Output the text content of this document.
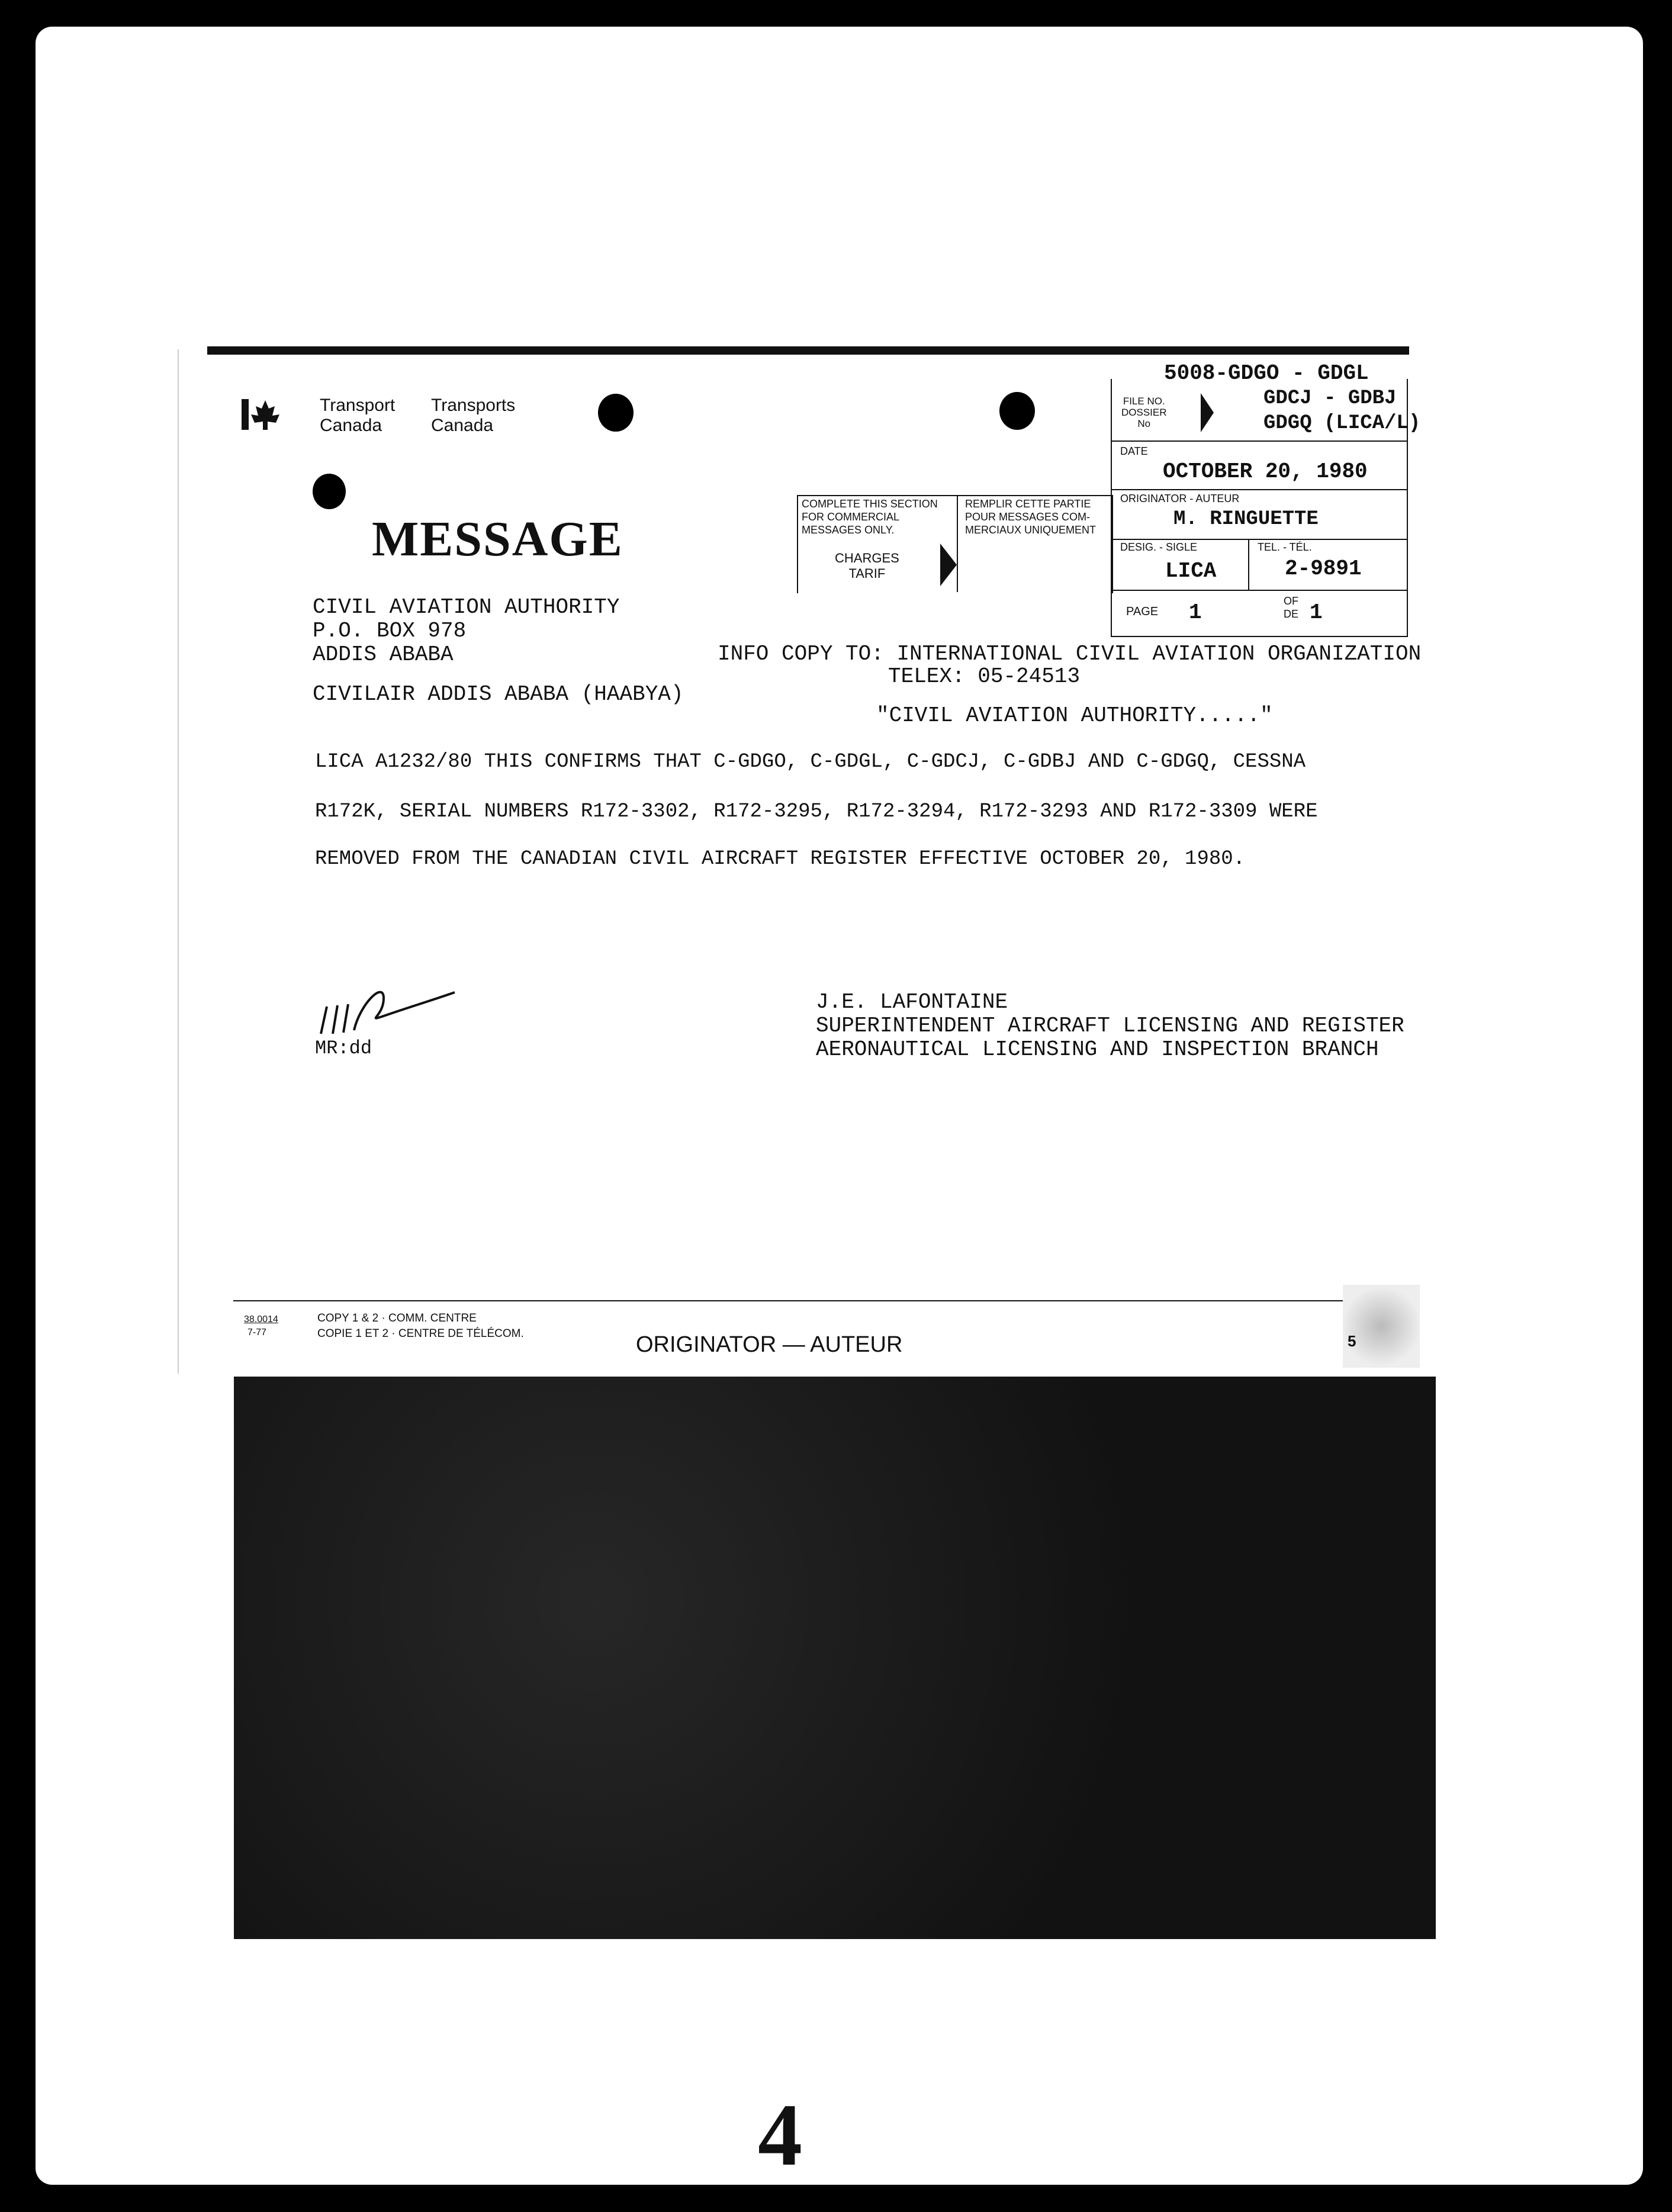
Transport
Canada
Transports
Canada
MESSAGE
COMPLETE THIS SECTION
FOR COMMERCIAL
MESSAGES ONLY.
REMPLIR CETTE PARTIE
POUR MESSAGES COM-
MERCIAUX UNIQUEMENT
CHARGES
TARIF
5008-GDGO - GDGL
FILE NO.
DOSSIER
No
GDCJ - GDBJ
GDGQ (LICA/L)
DATE
OCTOBER 20, 1980
ORIGINATOR - AUTEUR
M. RINGUETTE
DESIG. - SIGLE
LICA
TEL. - TÉL.
2-9891
PAGE 1	OF
DE 1
CIVIL AVIATION AUTHORITY
P.O. BOX 978
ADDIS ABABA
CIVILAIR ADDIS ABABA (HAABYA)
INFO COPY TO: INTERNATIONAL CIVIL AVIATION ORGANIZATION
TELEX: 05-24513
"CIVIL AVIATION AUTHORITY....."
LICA A1232/80 THIS CONFIRMS THAT C-GDGO, C-GDGL, C-GDCJ, C-GDBJ AND C-GDGQ, CESSNA
R172K, SERIAL NUMBERS R172-3302, R172-3295, R172-3294, R172-3293 AND R172-3309 WERE
REMOVED FROM THE CANADIAN CIVIL AIRCRAFT REGISTER EFFECTIVE OCTOBER 20, 1980.
MR:dd
J.E. LAFONTAINE
SUPERINTENDENT AIRCRAFT LICENSING AND REGISTER
AERONAUTICAL LICENSING AND INSPECTION BRANCH
38.0014
7-77
COPY 1 & 2 · COMM. CENTRE
COPIE 1 ET 2 · CENTRE DE TÉLÉCOM.	ORIGINATOR — AUTEUR	5
4
